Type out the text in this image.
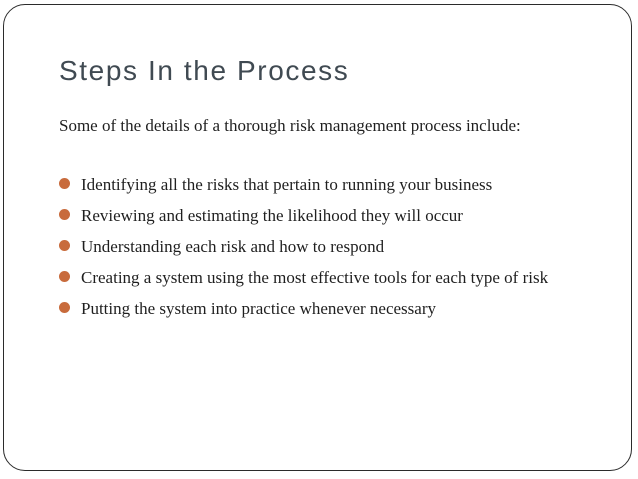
Steps In the Process

Some of the details of a thorough risk management process include:

Identifying all the risks that pertain to running your business
Reviewing and estimating the likelihood they will occur
Understanding each risk and how to respond
Creating a system using the most effective tools for each type of risk
Putting the system into practice whenever necessary
